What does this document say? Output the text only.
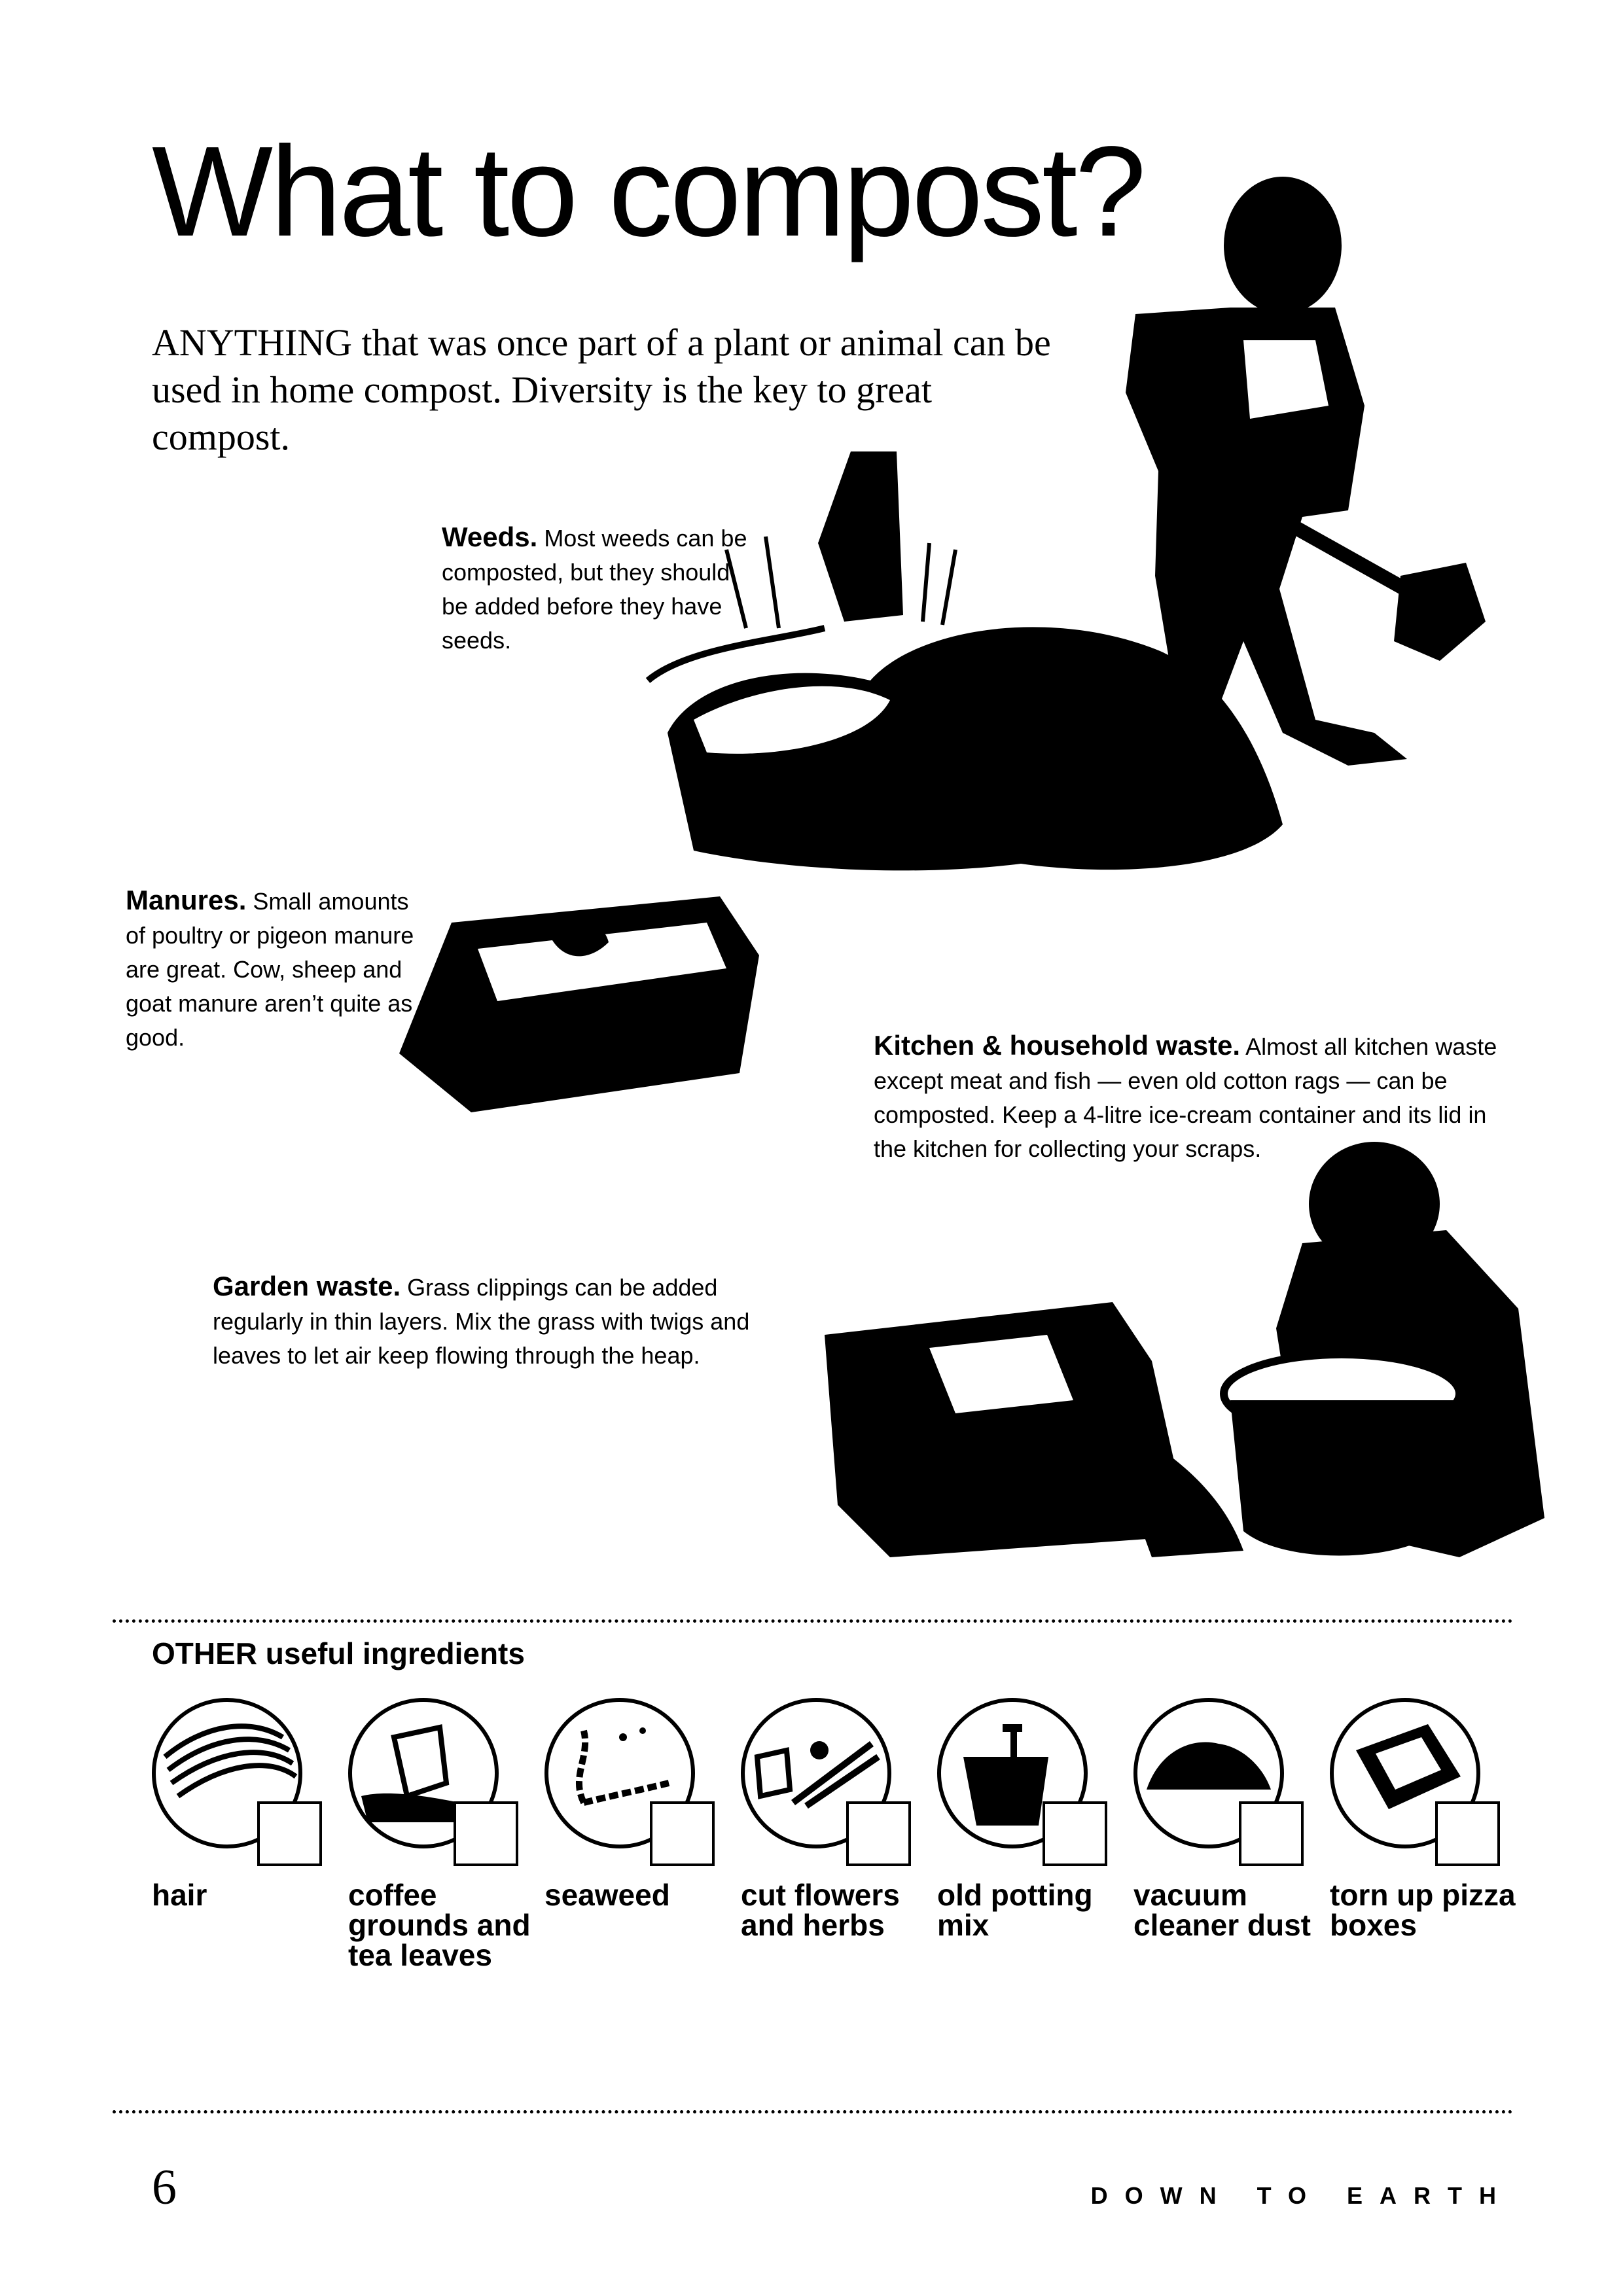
What to compost?
ANYTHING that was once part of a plant or animal can be used in home compost. Diversity is the key to great compost.
Weeds. Most weeds can be composted, but they should be added before they have seeds.
Manures. Small amounts of poultry or pigeon manure are great. Cow, sheep and goat manure aren’t quite as good.	Kitchen & household waste. Almost all kitchen waste except meat and fish — even old cotton rags — can be composted. Keep a 4-litre ice-cream container and its lid in the kitchen for collecting your scraps.
Garden waste. Grass clippings can be added regularly in thin layers. Mix the grass with twigs and leaves to let air keep flowing through the heap.
OTHER useful ingredients
hair	coffee grounds and tea leaves
seaweed	cut flowers and herbs
old potting mix
vacuum cleaner dust
torn up pizza boxes
6	DOWN TO EARTH
